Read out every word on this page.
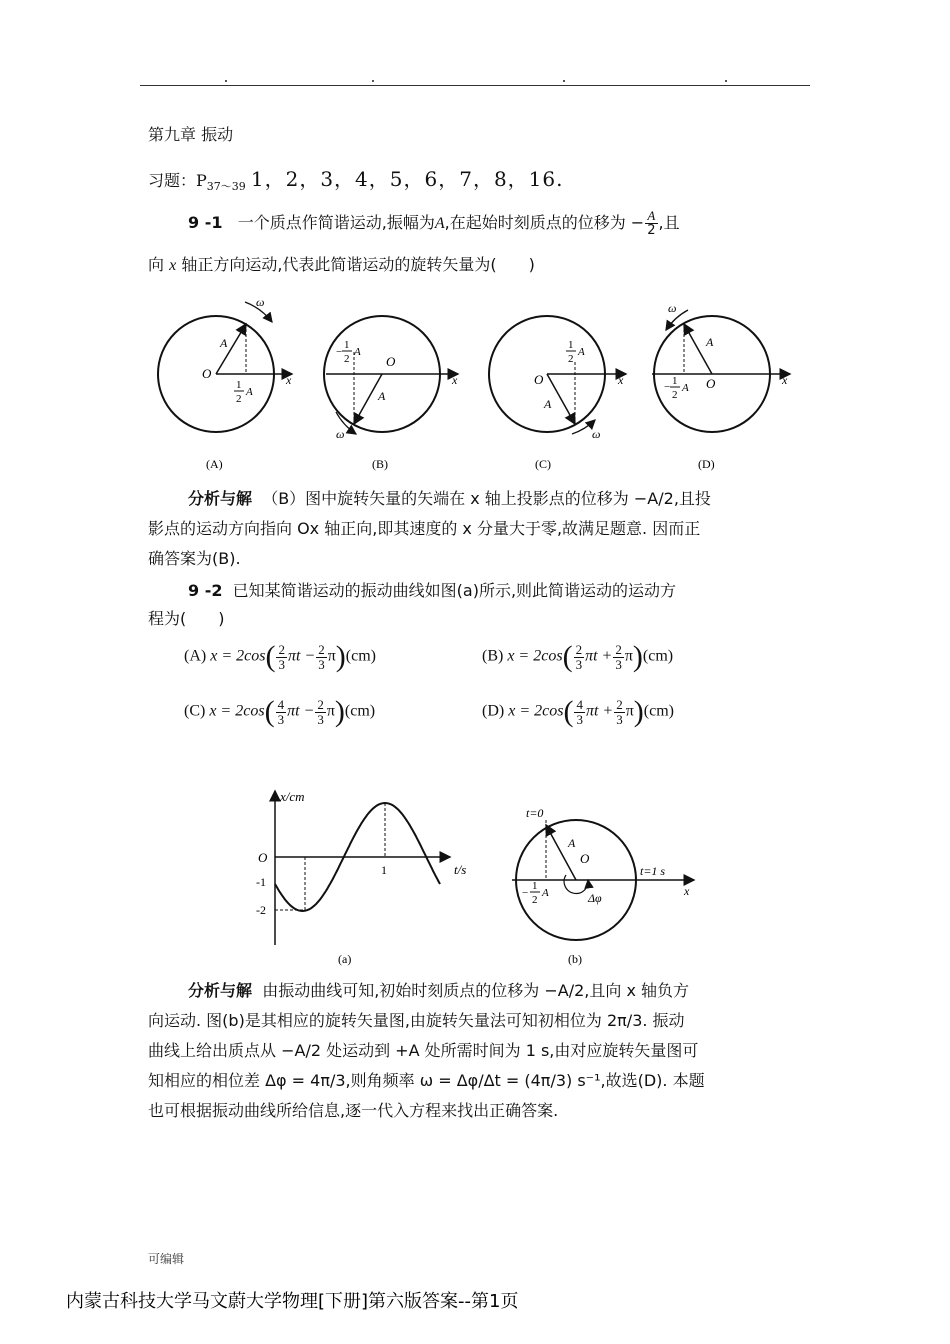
第九章 振动
习题：$P_{37\sim 39}$ 1，2，3，4，5，6，7，8，16.
9 -1 一个质点作简谐运动,振幅为A,在起始时刻质点的位移为 − $\frac{A}{2}$ ,且
向 x 轴正方向运动,代表此简谐运动的旋转矢量为(　　)
ω
A
O	x
1
2
A
(A)
ω
A
O
x
−
1
2
A
(B)
ω
A
O	x
1
2
A
(C)
ω
A
O	x
− 1
2
A
(D)
分析与解 （B）图中旋转矢量的矢端在 x 轴上投影点的位移为 −A/2,且投
影点的运动方向指向 Ox 轴正向,即其速度的 x 分量大于零,故满足题意. 因而正
确答案为(B).
9 -2 已知某简谐运动的振动曲线如图(a)所示,则此简谐运动的运动方
程为(　　)
(A) $x = 2\cos( \frac{2}{3}$ $\pi t - \frac{2}{3} \pi)(cm)$	(B) $x = 2\cos( \frac{2}{3}$ $\pi t + \frac{2}{3} \pi)(cm)$
(C) $x = 2\cos( \frac{4}{3}$ $\pi t - \frac{2}{3} \pi)(cm)$	(D) $x = 2\cos( \frac{4}{3}$ $\pi t + \frac{2}{3} \pi)(cm)$
x/cm
t/s
O
-1
-2
1
(a)
t=0
A
O
−
1
2
A	Δφ
t=1 s
x
(b)
分析与解 由振动曲线可知,初始时刻质点的位移为 −A/2,且向 x 轴负方
向运动. 图(b)是其相应的旋转矢量图,由旋转矢量法可知初相位为 2π/3. 振动
曲线上给出质点从 −A/2 处运动到 +A 处所需时间为 1 s,由对应旋转矢量图可
知相应的相位差 Δφ = 4π/3,则角频率 ω = Δφ/Δt = (4π/3) s⁻¹,故选(D). 本题
也可根据振动曲线所给信息,逐一代入方程来找出正确答案.
可编辑
内蒙古科技大学马文蔚大学物理[下册]第六版答案--第1页
